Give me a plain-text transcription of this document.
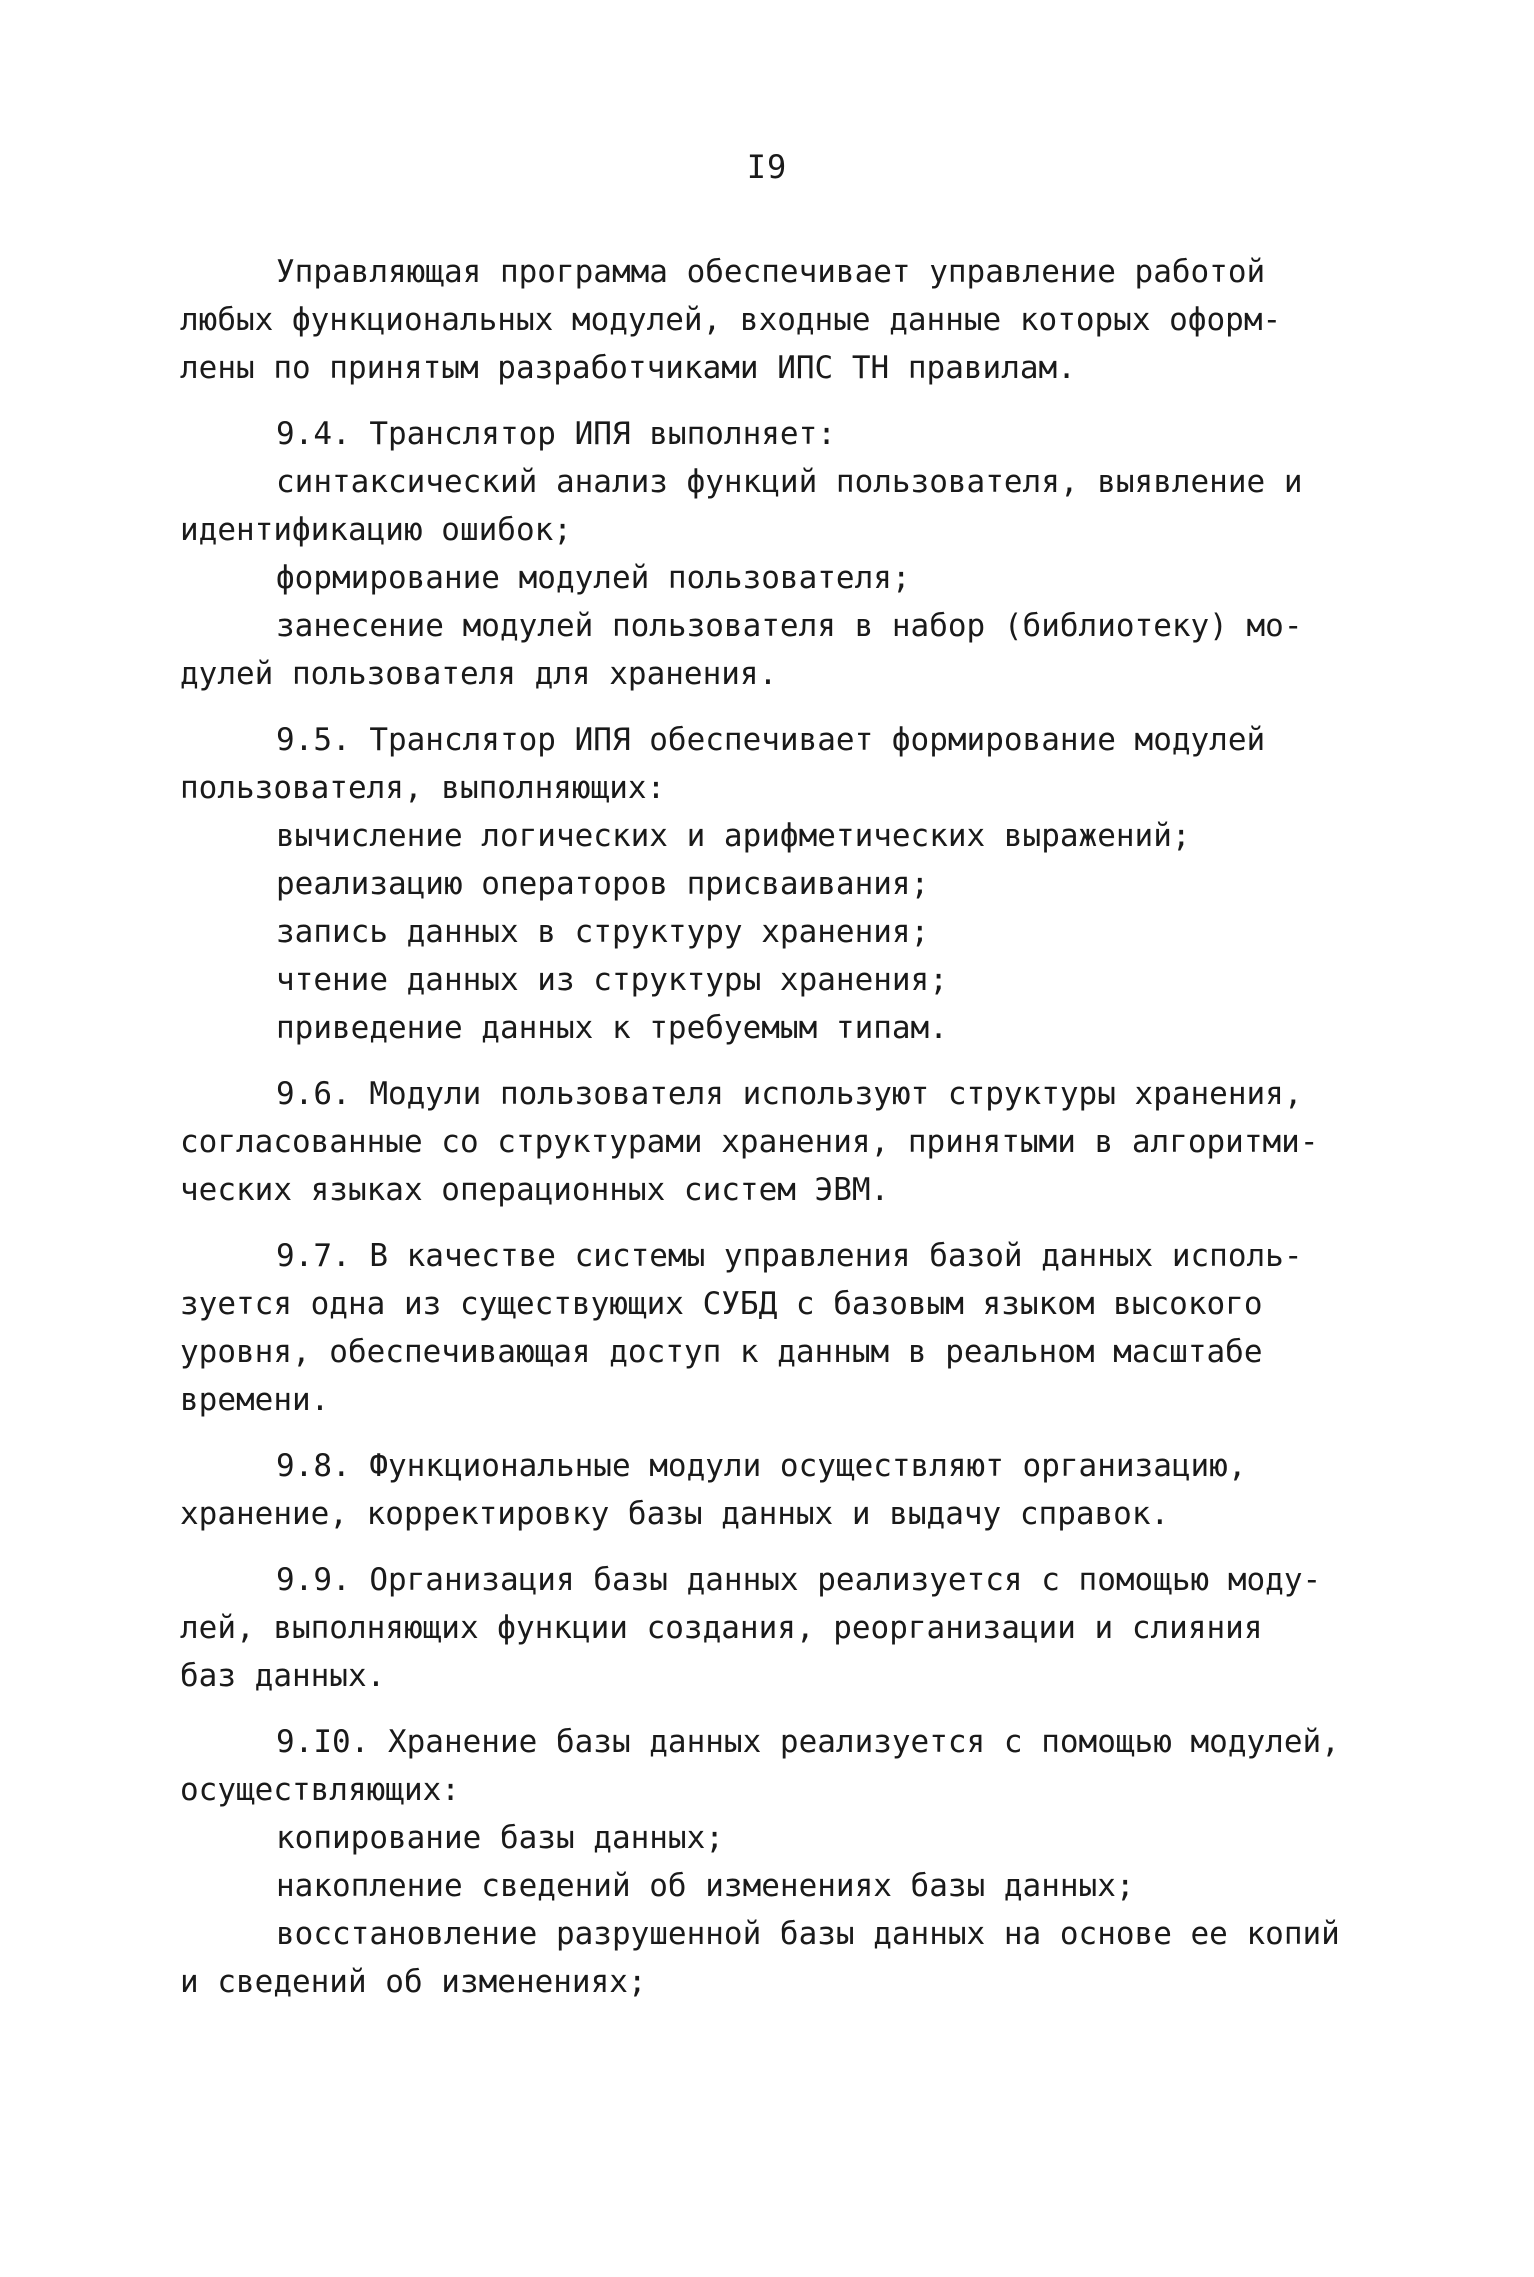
I9
Управляющая программа обеспечивает управление работой
любых функциональных модулей, входные данные которых оформ-
лены по принятым разработчиками ИПС ТН правилам.
9.4. Транслятор ИПЯ выполняет:
синтаксический анализ функций пользователя, выявление и
идентификацию ошибок;
формирование модулей пользователя;
занесение модулей пользователя в набор (библиотеку) мо-
дулей пользователя для хранения.
9.5. Транслятор ИПЯ обеспечивает формирование модулей
пользователя, выполняющих:
вычисление логических и арифметических выражений;
реализацию операторов присваивания;
запись данных в структуру хранения;
чтение данных из структуры хранения;
приведение данных к требуемым типам.
9.6. Модули пользователя используют структуры хранения,
согласованные со структурами хранения, принятыми в алгоритми-
ческих языках операционных систем ЭВМ.
9.7. В качестве системы управления базой данных исполь-
зуется одна из существующих СУБД с базовым языком высокого
уровня, обеспечивающая доступ к данным в реальном масштабе
времени.
9.8. Функциональные модули осуществляют организацию,
хранение, корректировку базы данных и выдачу справок.
9.9. Организация базы данных реализуется с помощью моду-
лей, выполняющих функции создания, реорганизации и слияния
баз данных.
9.I0. Хранение базы данных реализуется с помощью модулей,
осуществляющих:
копирование базы данных;
накопление сведений об изменениях базы данных;
восстановление разрушенной базы данных на основе ее копий
и сведений об изменениях;
